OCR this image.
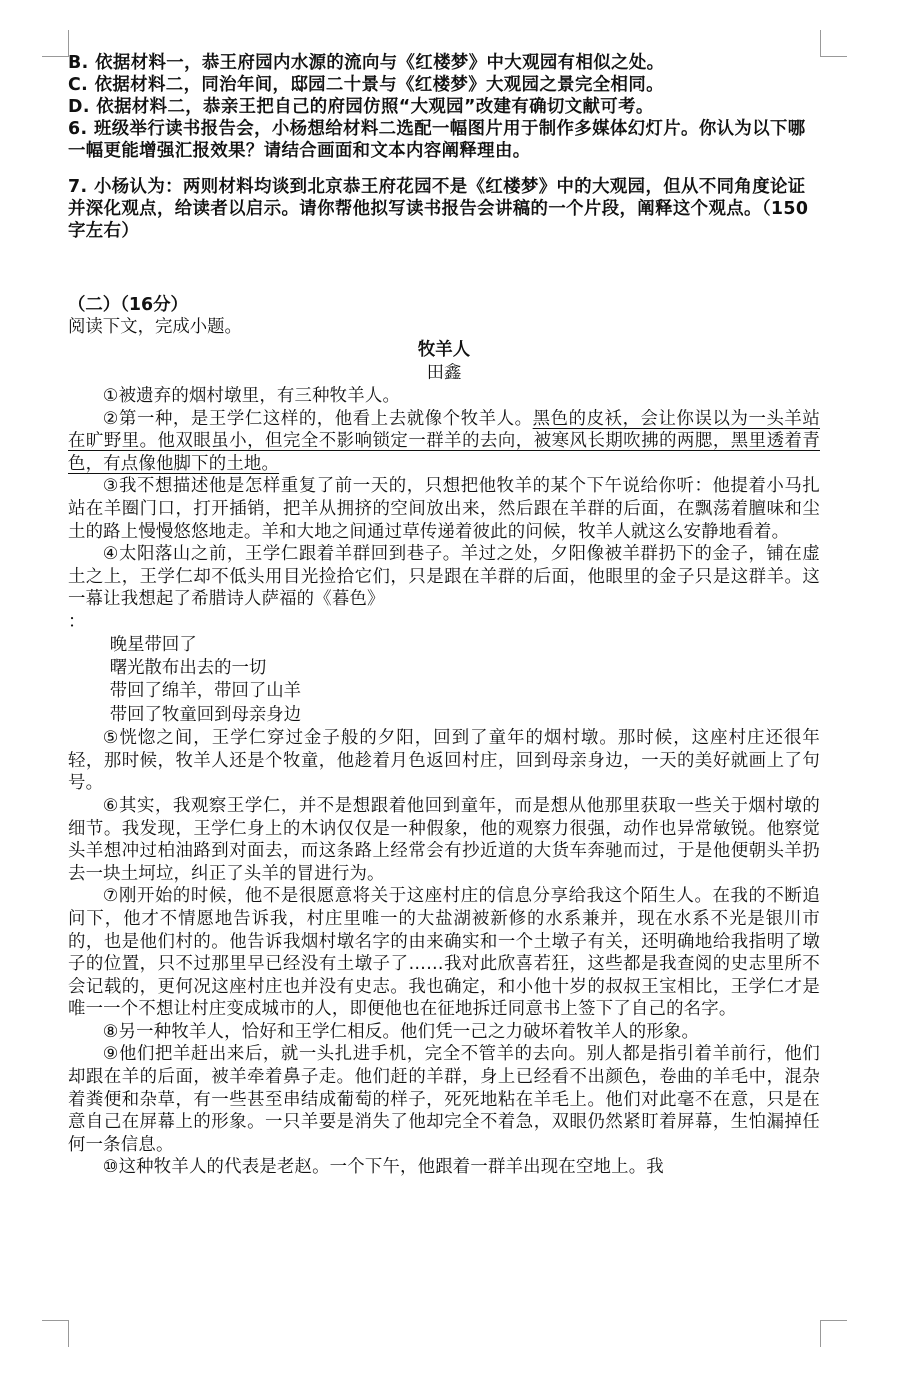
B. 依据材料一，恭王府园内水源的流向与《红楼梦》中大观园有相似之处。

C. 依据材料二，同治年间，邸园二十景与《红楼梦》大观园之景完全相同。

D. 依据材料二，恭亲王把自己的府园仿照“大观园”改建有确切文献可考。

6. 班级举行读书报告会，小杨想给材料二选配一幅图片用于制作多媒体幻灯片。你认为以下哪一幅更能增强汇报效果？请结合画面和文本内容阐释理由。

7. 小杨认为：两则材料均谈到北京恭王府花园不是《红楼梦》中的大观园，但从不同角度论证并深化观点，给读者以启示。请你帮他拟写读书报告会讲稿的一个片段，阐释这个观点。（150字左右）

（二）（16分）

阅读下文，完成小题。

牧羊人

田鑫

①被遗弃的烟村墩里，有三种牧羊人。

②第一种，是王学仁这样的，他看上去就像个牧羊人。黑色的皮袄，会让你误以为一头羊站在旷野里。他双眼虽小，但完全不影响锁定一群羊的去向，被寒风长期吹拂的两腮，黑里透着青色，有点像他脚下的土地。

③我不想描述他是怎样重复了前一天的，只想把他牧羊的某个下午说给你听：他提着小马扎站在羊圈门口，打开插销，把羊从拥挤的空间放出来，然后跟在羊群的后面，在飘荡着膻味和尘土的路上慢慢悠悠地走。羊和大地之间通过草传递着彼此的问候，牧羊人就这么安静地看着。

④太阳落山之前，王学仁跟着羊群回到巷子。羊过之处，夕阳像被羊群扔下的金子，铺在虚土之上，王学仁却不低头用目光捡拾它们，只是跟在羊群的后面，他眼里的金子只是这群羊。这一幕让我想起了希腊诗人萨福的《暮色》

：

晚星带回了
曙光散布出去的一切
带回了绵羊，带回了山羊
带回了牧童回到母亲身边

⑤恍惚之间，王学仁穿过金子般的夕阳，回到了童年的烟村墩。那时候，这座村庄还很年轻，那时候，牧羊人还是个牧童，他趁着月色返回村庄，回到母亲身边，一天的美好就画上了句号。

⑥其实，我观察王学仁，并不是想跟着他回到童年，而是想从他那里获取一些关于烟村墩的细节。我发现，王学仁身上的木讷仅仅是一种假象，他的观察力很强，动作也异常敏锐。他察觉头羊想冲过柏油路到对面去，而这条路上经常会有抄近道的大货车奔驰而过，于是他便朝头羊扔去一块土坷垃，纠正了头羊的冒进行为。

⑦刚开始的时候，他不是很愿意将关于这座村庄的信息分享给我这个陌生人。在我的不断追问下，他才不情愿地告诉我，村庄里唯一的大盐湖被新修的水系兼并，现在水系不光是银川市的，也是他们村的。他告诉我烟村墩名字的由来确实和一个土墩子有关，还明确地给我指明了墩子的位置，只不过那里早已经没有土墩子了……我对此欣喜若狂，这些都是我查阅的史志里所不会记载的，更何况这座村庄也并没有史志。我也确定，和小他十岁的叔叔王宝相比，王学仁才是唯一一个不想让村庄变成城市的人，即便他也在征地拆迁同意书上签下了自己的名字。

⑧另一种牧羊人，恰好和王学仁相反。他们凭一己之力破坏着牧羊人的形象。

⑨他们把羊赶出来后，就一头扎进手机，完全不管羊的去向。别人都是指引着羊前行，他们却跟在羊的后面，被羊牵着鼻子走。他们赶的羊群，身上已经看不出颜色，卷曲的羊毛中，混杂着粪便和杂草，有一些甚至串结成葡萄的样子，死死地粘在羊毛上。他们对此毫不在意，只是在意自己在屏幕上的形象。一只羊要是消失了他却完全不着急，双眼仍然紧盯着屏幕，生怕漏掉任何一条信息。

⑩这种牧羊人的代表是老赵。一个下午，他跟着一群羊出现在空地上。我
